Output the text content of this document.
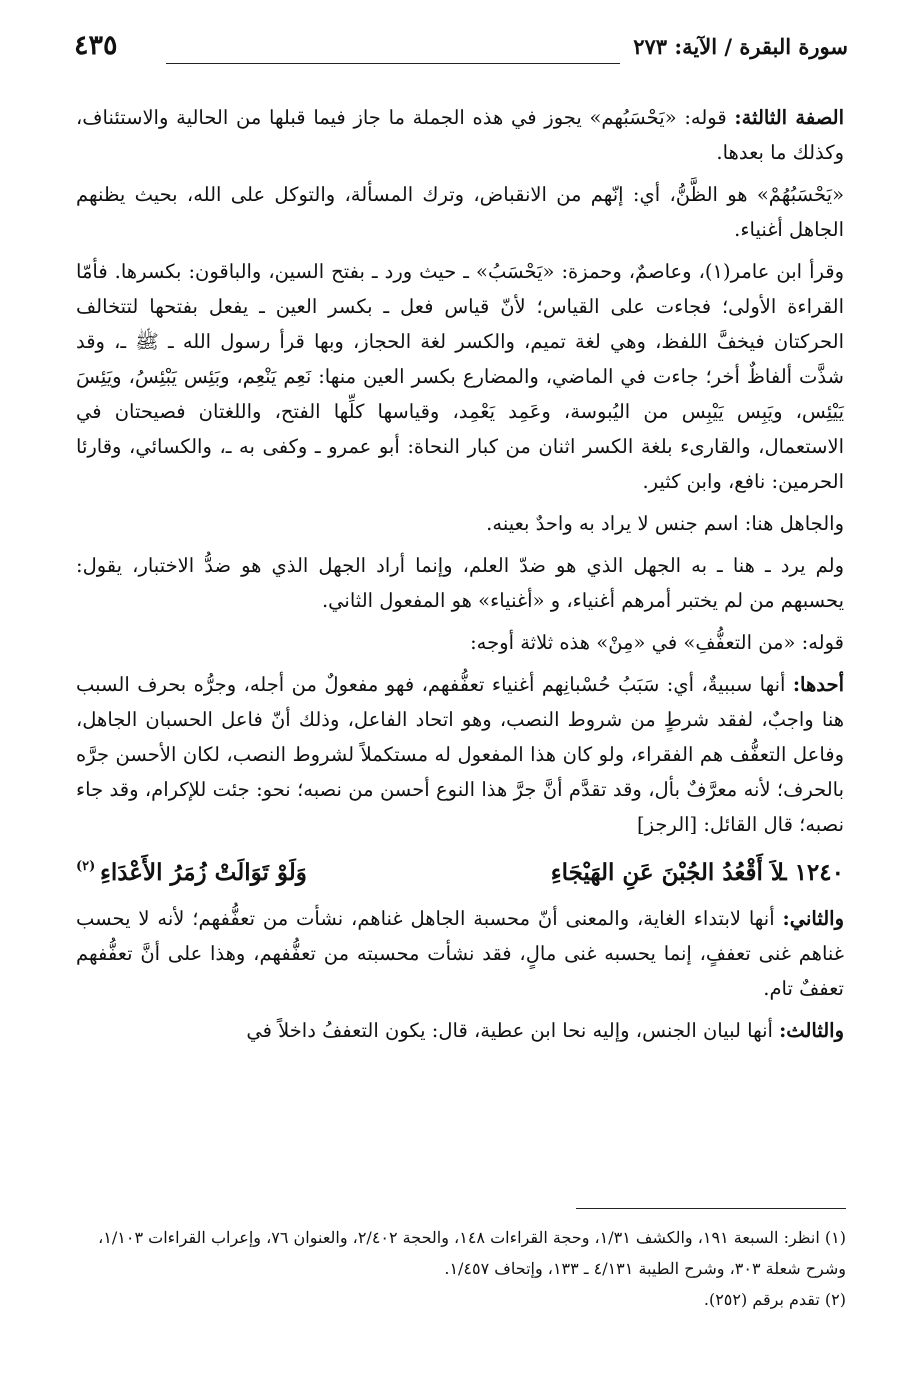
سورة البقرة / الآية: ٢٧٣
٤٣٥

الصفة الثالثة: قوله: «يَحْسَبُهم» يجوز في هذه الجملة ما جاز فيما قبلها من الحالية والاستئناف، وكذلك ما بعدها.

«يَحْسَبُهُمْ» هو الظَّنُّ، أي: إنّهم من الانقباض، وترك المسألة، والتوكل على الله، بحيث يظنهم الجاهل أغنياء.

وقرأ ابن عامر(١)، وعاصمٌ، وحمزة: «يَحْسَبُ» ـ حيث ورد ـ بفتح السين، والباقون: بكسرها. فأمّا القراءة الأولى؛ فجاءت على القياس؛ لأنّ قياس فعل ـ بكسر العين ـ يفعل بفتحها لتتخالف الحركتان فيخفَّ اللفظ، وهي لغة تميم، والكسر لغة الحجاز، وبها قرأ رسول الله ـ ﷺ ـ، وقد شذَّت ألفاظٌ أخر؛ جاءت في الماضي، والمضارع بكسر العين منها: نَعِم يَنْعِم، وبَئِس يَبْئِسُ، ويَئِسَ يَيْئِس، ويَبِس يَيْبِس من اليُبوسة، وعَمِد يَعْمِد، وقياسها كلِّها الفتح، واللغتان فصيحتان في الاستعمال، والقارىء بلغة الكسر اثنان من كبار النحاة: أبو عمرو ـ وكفى به ـ، والكسائي، وقارئا الحرمين: نافع، وابن كثير.

والجاهل هنا: اسم جنس لا يراد به واحدٌ بعينه.

ولم يرد ـ هنا ـ به الجهل الذي هو ضدّ العلم، وإنما أراد الجهل الذي هو ضدُّ الاختبار، يقول: يحسبهم من لم يختبر أمرهم أغنياء، و «أغنياء» هو المفعول الثاني.

قوله: «من التعفُّفِ» في «مِنْ» هذه ثلاثة أوجه:

أحدها: أنها سببيةٌ، أي: سَبَبُ حُسْبانِهم أغنياء تعفُّفهم، فهو مفعولٌ من أجله، وجرُّه بحرف السبب هنا واجبٌ، لفقد شرطٍ من شروط النصب، وهو اتحاد الفاعل، وذلك أنّ فاعل الحسبان الجاهل، وفاعل التعفُّف هم الفقراء، ولو كان هذا المفعول له مستكملاً لشروط النصب، لكان الأحسن جرَّه بالحرف؛ لأنه معرَّفٌ بأل، وقد تقدَّم أنَّ جرَّ هذا النوع أحسن من نصبه؛ نحو: جئت للإكرام، وقد جاء نصبه؛ قال القائل: [الرجز]

١٢٤٠ ـ
لاَ أَقْعُدُ الجُبْنَ عَنِ الهَيْجَاءِ
وَلَوْ تَوَالَتْ زُمَرُ الأَعْدَاءِ
(٢)

والثاني: أنها لابتداء الغاية، والمعنى أنّ محسبة الجاهل غناهم، نشأت من تعفُّفهم؛ لأنه لا يحسب غناهم غنى تعففٍ، إنما يحسبه غنى مالٍ، فقد نشأت محسبته من تعفُّفهم، وهذا على أنَّ تعفُّفهم تعففٌ تام.

والثالث: أنها لبيان الجنس، وإليه نحا ابن عطية، قال: يكون التعففُ داخلاً في

(١) انظر: السبعة ١٩١، والكشف ١/٣١، وحجة القراءات ١٤٨، والحجة ٢/٤٠٢، والعنوان ٧٦، وإعراب القراءات ١/١٠٣، وشرح شعلة ٣٠٣، وشرح الطيبة ٤/١٣١ ـ ١٣٣، وإتحاف ١/٤٥٧.

(٢) تقدم برقم (٢٥٢).
